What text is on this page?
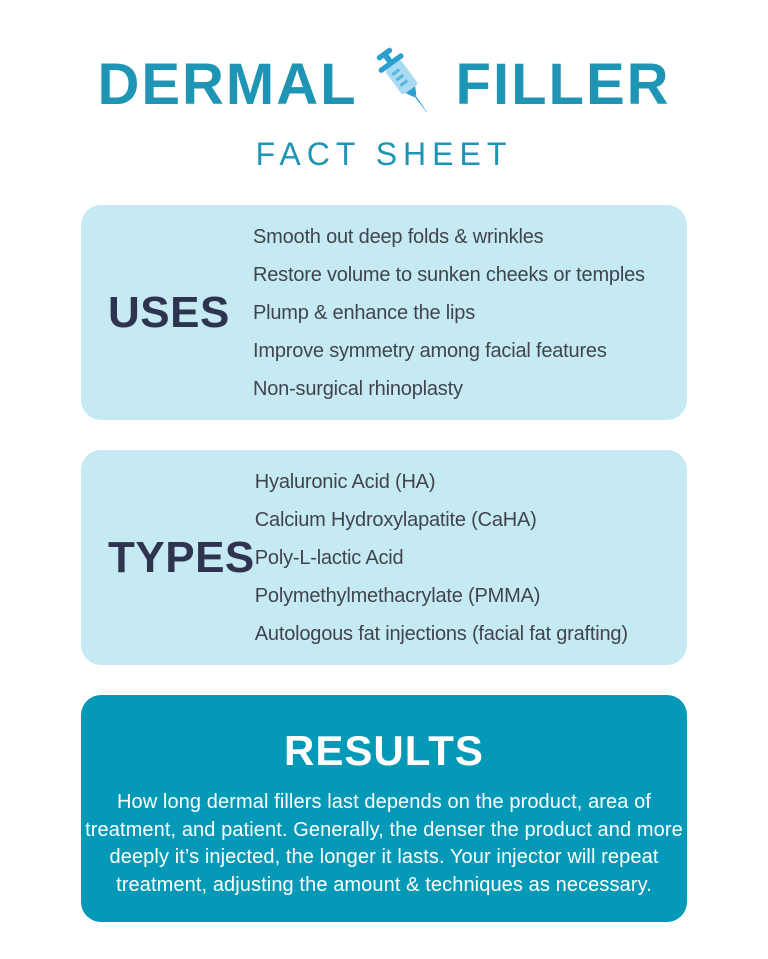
DERMAL FILLER
FACT SHEET
USES
Smooth out deep folds & wrinkles
Restore volume to sunken cheeks or temples
Plump & enhance the lips
Improve symmetry among facial features
Non-surgical rhinoplasty
TYPES
Hyaluronic Acid (HA)
Calcium Hydroxylapatite (CaHA)
Poly-L-lactic Acid
Polymethylmethacrylate (PMMA)
Autologous fat injections (facial fat grafting)
RESULTS
How long dermal fillers last depends on the product, area of
treatment, and patient. Generally, the denser the product and more
deeply it’s injected, the longer it lasts. Your injector will repeat
treatment, adjusting the amount & techniques as necessary.
